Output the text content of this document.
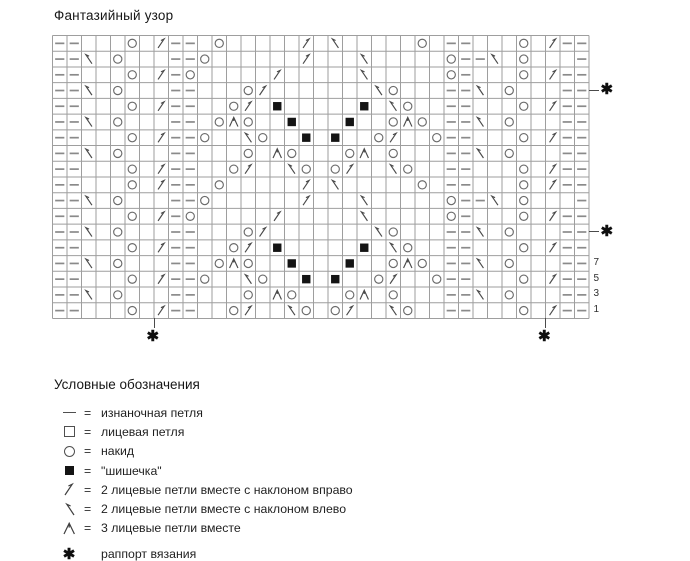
Фантазийный узор
7
5
3
1
✱
✱
✱	✱
Условные обозначения
= изнаночная петля
= лицевая петля
= накид
= "шишечка"
= 2 лицевые петли вместе с наклоном вправо
= 2 лицевые петли вместе с наклоном влево
= 3 лицевые петли вместе
✱ раппорт вязания
